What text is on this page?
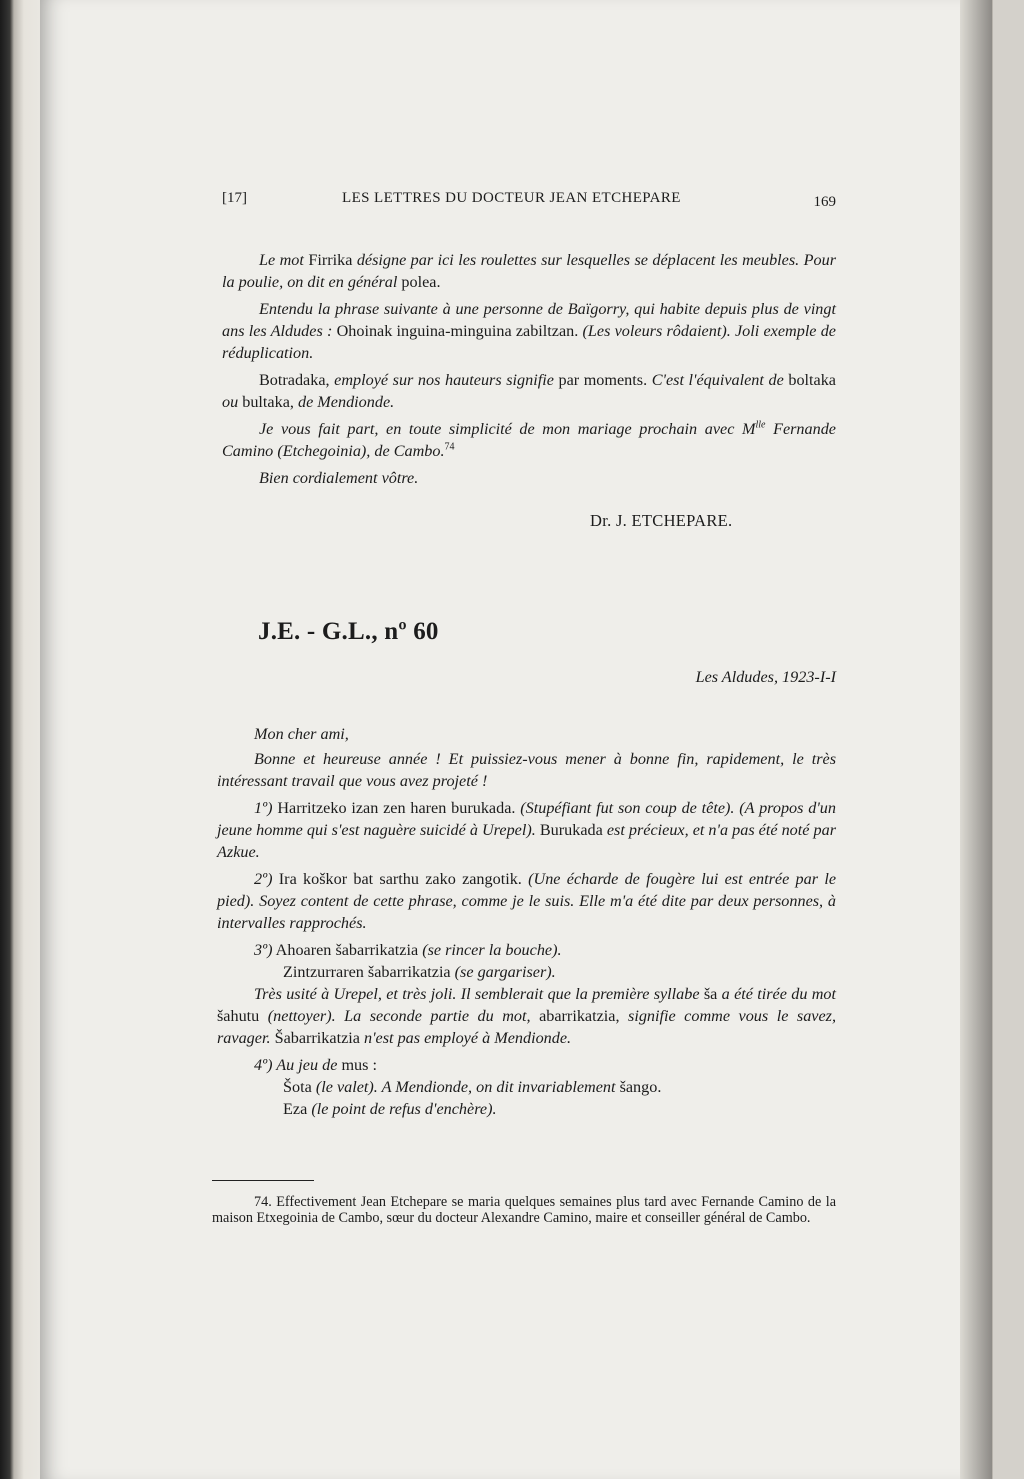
[17]	LES LETTRES DU DOCTEUR JEAN ETCHEPARE	169

Le mot Firrika désigne par ici les roulettes sur lesquelles se déplacent les meubles. Pour la poulie, on dit en général polea.

Entendu la phrase suivante à une personne de Baïgorry, qui habite depuis plus de vingt ans les Aldudes : Ohoinak inguina-minguina zabiltzan. (Les voleurs rôdaient). Joli exemple de réduplication.

Botradaka, employé sur nos hauteurs signifie par moments. C'est l'équivalent de boltaka ou bultaka, de Mendionde.

Je vous fait part, en toute simplicité de mon mariage prochain avec $M^{lle}$ Fernande Camino (Etchegoinia), de Cambo.$^{74}$

Bien cordialement vôtre.

Dr. J. ETCHEPARE.
J.E. - G.L., nº 60
Les Aldudes, 1923-I-I

Mon cher ami,

Bonne et heureuse année ! Et puissiez-vous mener à bonne fin, rapidement, le très intéressant travail que vous avez projeté !

1º) Harritzeko izan zen haren burukada. (Stupéfiant fut son coup de tête). (A propos d'un jeune homme qui s'est naguère suicidé à Urepel). Burukada est précieux, et n'a pas été noté par Azkue.

2º) Ira koškor bat sarthu zako zangotik. (Une écharde de fougère lui est entrée par le pied). Soyez content de cette phrase, comme je le suis. Elle m'a été dite par deux personnes, à intervalles rapprochés.

3º) Ahoaren šabarrikatzia (se rincer la bouche).

Zintzurraren šabarrikatzia (se gargariser).

Très usité à Urepel, et très joli. Il semblerait que la première syllabe ša a été tirée du mot šahutu (nettoyer). La seconde partie du mot, abarrikatzia, signifie comme vous le savez, ravager. Šabarrikatzia n'est pas employé à Mendionde.

4º) Au jeu de mus :

Šota (le valet). A Mendionde, on dit invariablement šango.

Eza (le point de refus d'enchère).

74. Effectivement Jean Etchepare se maria quelques semaines plus tard avec Fernande Camino de la maison Etxegoinia de Cambo, sœur du docteur Alexandre Camino, maire et conseiller général de Cambo.
